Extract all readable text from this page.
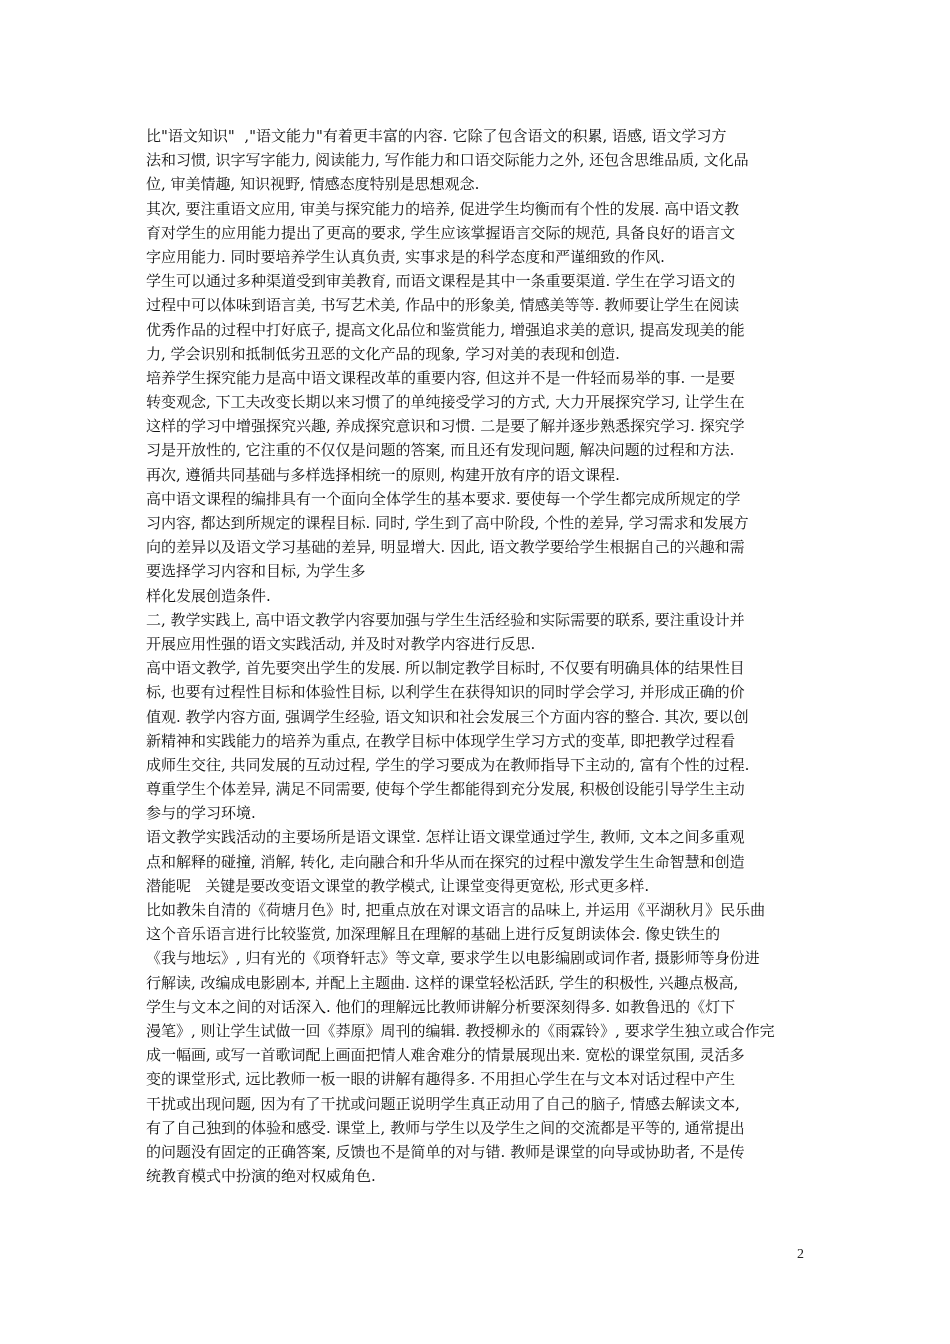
比"语文知识"  ,"语文能力"有着更丰富的内容. 它除了包含语文的积累, 语感, 语文学习方
法和习惯, 识字写字能力, 阅读能力, 写作能力和口语交际能力之外, 还包含思维品质, 文化品
位, 审美情趣, 知识视野, 情感态度特别是思想观念.
其次, 要注重语文应用, 审美与探究能力的培养, 促进学生均衡而有个性的发展. 高中语文教
育对学生的应用能力提出了更高的要求, 学生应该掌握语言交际的规范, 具备良好的语言文
字应用能力. 同时要培养学生认真负责, 实事求是的科学态度和严谨细致的作风.
学生可以通过多种渠道受到审美教育, 而语文课程是其中一条重要渠道. 学生在学习语文的
过程中可以体味到语言美, 书写艺术美, 作品中的形象美, 情感美等等. 教师要让学生在阅读
优秀作品的过程中打好底子, 提高文化品位和鉴赏能力, 增强追求美的意识, 提高发现美的能
力, 学会识别和抵制低劣丑恶的文化产品的现象, 学习对美的表现和创造.
培养学生探究能力是高中语文课程改革的重要内容, 但这并不是一件轻而易举的事. 一是要
转变观念, 下工夫改变长期以来习惯了的单纯接受学习的方式, 大力开展探究学习, 让学生在
这样的学习中增强探究兴趣, 养成探究意识和习惯. 二是要了解并逐步熟悉探究学习. 探究学
习是开放性的, 它注重的不仅仅是问题的答案, 而且还有发现问题, 解决问题的过程和方法.
再次, 遵循共同基础与多样选择相统一的原则, 构建开放有序的语文课程.
高中语文课程的编排具有一个面向全体学生的基本要求. 要使每一个学生都完成所规定的学
习内容, 都达到所规定的课程目标. 同时, 学生到了高中阶段, 个性的差异, 学习需求和发展方
向的差异以及语文学习基础的差异, 明显增大. 因此, 语文教学要给学生根据自己的兴趣和需
要选择学习内容和目标, 为学生多
样化发展创造条件.
二, 教学实践上, 高中语文教学内容要加强与学生生活经验和实际需要的联系, 要注重设计并
开展应用性强的语文实践活动, 并及时对教学内容进行反思.
高中语文教学, 首先要突出学生的发展. 所以制定教学目标时, 不仅要有明确具体的结果性目
标, 也要有过程性目标和体验性目标, 以利学生在获得知识的同时学会学习, 并形成正确的价
值观. 教学内容方面, 强调学生经验, 语文知识和社会发展三个方面内容的整合. 其次, 要以创
新精神和实践能力的培养为重点, 在教学目标中体现学生学习方式的变革, 即把教学过程看
成师生交往, 共同发展的互动过程, 学生的学习要成为在教师指导下主动的, 富有个性的过程.
尊重学生个体差异, 满足不同需要, 使每个学生都能得到充分发展, 积极创设能引导学生主动
参与的学习环境.
语文教学实践活动的主要场所是语文课堂. 怎样让语文课堂通过学生, 教师, 文本之间多重观
点和解释的碰撞, 消解, 转化, 走向融合和升华从而在探究的过程中激发学生生命智慧和创造
潜能呢   关键是要改变语文课堂的教学模式, 让课堂变得更宽松, 形式更多样.
比如教朱自清的《荷塘月色》时, 把重点放在对课文语言的品味上, 并运用《平湖秋月》民乐曲
这个音乐语言进行比较鉴赏, 加深理解且在理解的基础上进行反复朗读体会. 像史铁生的
《我与地坛》, 归有光的《项脊轩志》等文章, 要求学生以电影编剧或词作者, 摄影师等身份进
行解读, 改编成电影剧本, 并配上主题曲. 这样的课堂轻松活跃, 学生的积极性, 兴趣点极高,
学生与文本之间的对话深入. 他们的理解远比教师讲解分析要深刻得多. 如教鲁迅的《灯下
漫笔》, 则让学生试做一回《莽原》周刊的编辑. 教授柳永的《雨霖铃》, 要求学生独立或合作完
成一幅画, 或写一首歌词配上画面把情人难舍难分的情景展现出来. 宽松的课堂氛围, 灵活多
变的课堂形式, 远比教师一板一眼的讲解有趣得多. 不用担心学生在与文本对话过程中产生
干扰或出现问题, 因为有了干扰或问题正说明学生真正动用了自己的脑子, 情感去解读文本,
有了自己独到的体验和感受. 课堂上, 教师与学生以及学生之间的交流都是平等的, 通常提出
的问题没有固定的正确答案, 反馈也不是简单的对与错. 教师是课堂的向导或协助者, 不是传
统教育模式中扮演的绝对权威角色.
2
